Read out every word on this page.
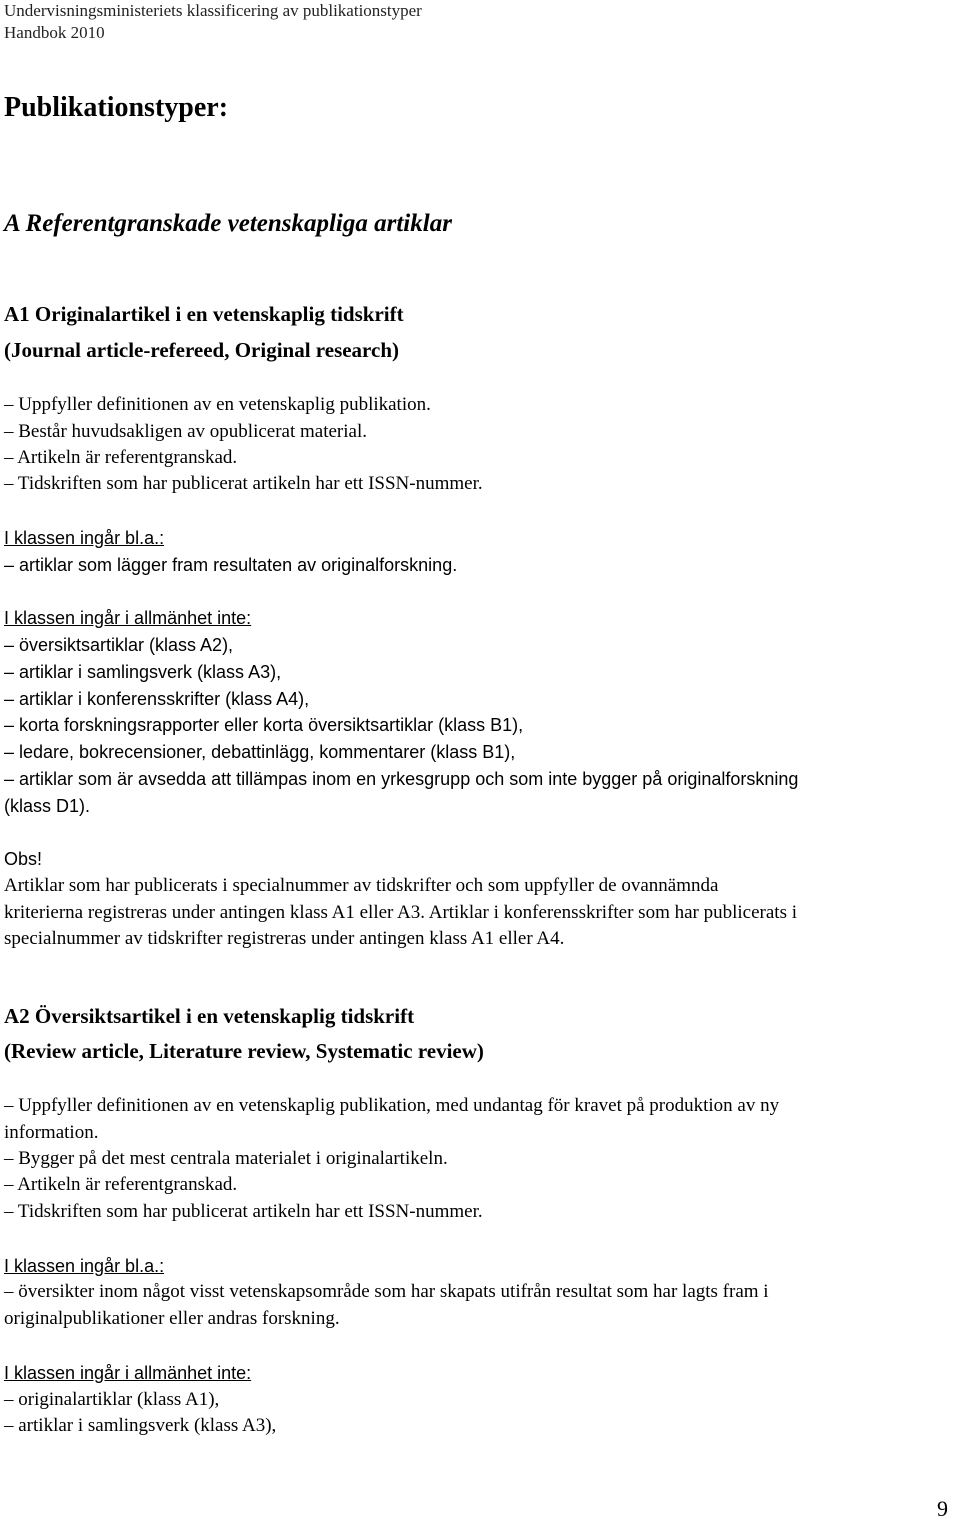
Undervisningsministeriets klassificering av publikationstyper
Handbok 2010
Publikationstyper:
A Referentgranskade vetenskapliga artiklar
A1 Originalartikel i en vetenskaplig tidskrift
(Journal article-refereed, Original research)
– Uppfyller definitionen av en vetenskaplig publikation.
– Består huvudsakligen av opublicerat material.
– Artikeln är referentgranskad.
– Tidskriften som har publicerat artikeln har ett ISSN-nummer.
I klassen ingår bl.a.:
– artiklar som lägger fram resultaten av originalforskning.
I klassen ingår i allmänhet inte:
– översiktsartiklar (klass A2),
– artiklar i samlingsverk (klass A3),
– artiklar i konferensskrifter (klass A4),
– korta forskningsrapporter eller korta översiktsartiklar (klass B1),
– ledare, bokrecensioner, debattinlägg, kommentarer (klass B1),
– artiklar som är avsedda att tillämpas inom en yrkesgrupp och som inte bygger på originalforskning
(klass D1).
Obs!
Artiklar som har publicerats i specialnummer av tidskrifter och som uppfyller de ovannämnda
kriterierna registreras under antingen klass A1 eller A3. Artiklar i konferensskrifter som har publicerats i
specialnummer av tidskrifter registreras under antingen klass A1 eller A4.
A2 Översiktsartikel i en vetenskaplig tidskrift
(Review article, Literature review, Systematic review)
– Uppfyller definitionen av en vetenskaplig publikation, med undantag för kravet på produktion av ny
information.
– Bygger på det mest centrala materialet i originalartikeln.
– Artikeln är referentgranskad.
– Tidskriften som har publicerat artikeln har ett ISSN-nummer.
I klassen ingår bl.a.:
– översikter inom något visst vetenskapsområde som har skapats utifrån resultat som har lagts fram i
originalpublikationer eller andras forskning.
I klassen ingår i allmänhet inte:
– originalartiklar (klass A1),
– artiklar i samlingsverk (klass A3),
9
